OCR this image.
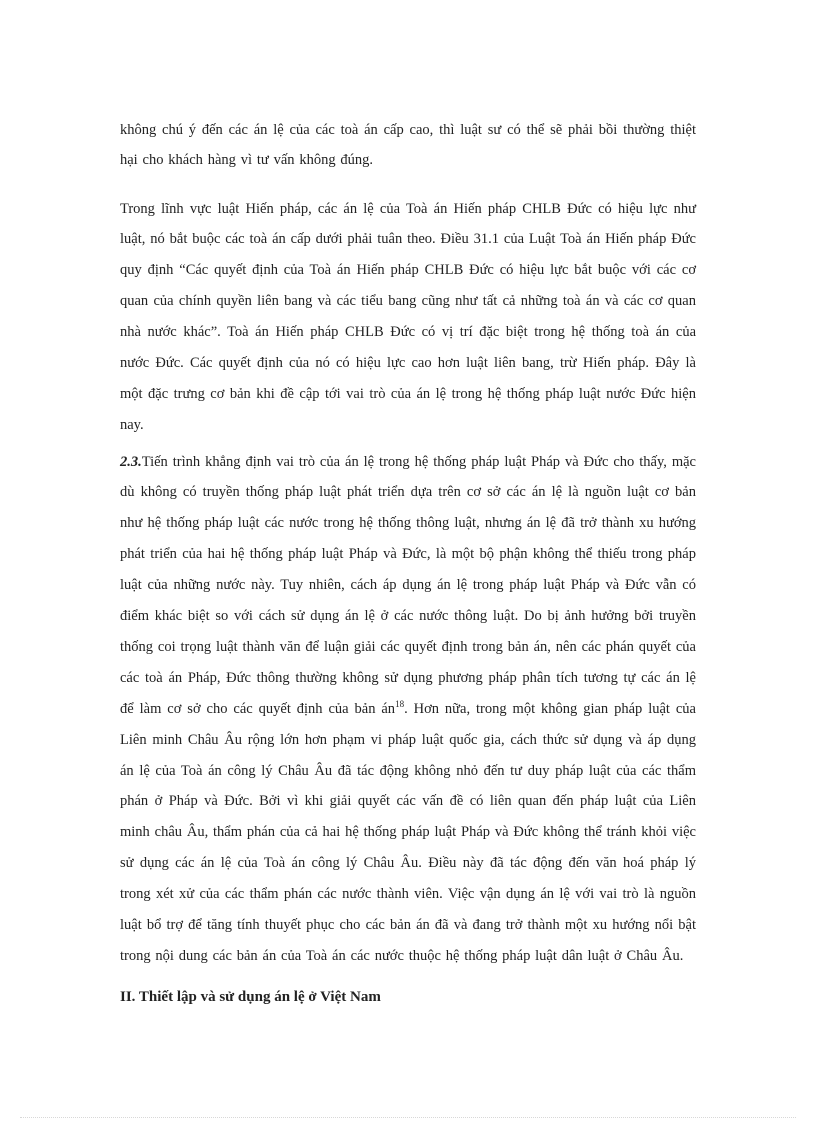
không chú ý đến các án lệ của các toà án cấp cao, thì luật sư có thể sẽ phải bồi thường thiệt hại cho khách hàng vì tư vấn không đúng.

Trong lĩnh vực luật Hiến pháp, các án lệ của Toà án Hiến pháp CHLB Đức có hiệu lực như luật, nó bắt buộc các toà án cấp dưới phải tuân theo. Điều 31.1 của Luật Toà án Hiến pháp Đức quy định “Các quyết định của Toà án Hiến pháp CHLB Đức có hiệu lực bắt buộc với các cơ quan của chính quyền liên bang và các tiểu bang cũng như tất cả những toà án và các cơ quan nhà nước khác”. Toà án Hiến pháp CHLB Đức có vị trí đặc biệt trong hệ thống toà án của nước Đức. Các quyết định của nó có hiệu lực cao hơn luật liên bang, trừ Hiến pháp. Đây là một đặc trưng cơ bản khi đề cập tới vai trò của án lệ trong hệ thống pháp luật nước Đức hiện nay.

2.3.Tiến trình khẳng định vai trò của án lệ trong hệ thống pháp luật Pháp và Đức cho thấy, mặc dù không có truyền thống pháp luật phát triển dựa trên cơ sở các án lệ là nguồn luật cơ bản như hệ thống pháp luật các nước trong hệ thống thông luật, nhưng án lệ đã trở thành xu hướng phát triển của hai hệ thống pháp luật Pháp và Đức, là một bộ phận không thể thiếu trong pháp luật của những nước này. Tuy nhiên, cách áp dụng án lệ trong pháp luật Pháp và Đức vẫn có điểm khác biệt so với cách sử dụng án lệ ở các nước thông luật. Do bị ảnh hưởng bởi truyền thống coi trọng luật thành văn để luận giải các quyết định trong bản án, nên các phán quyết của các toà án Pháp, Đức thông thường không sử dụng phương pháp phân tích tương tự các án lệ để làm cơ sở cho các quyết định của bản $án^{18}$. Hơn nữa, trong một không gian pháp luật của Liên minh Châu Âu rộng lớn hơn phạm vi pháp luật quốc gia, cách thức sử dụng và áp dụng án lệ của Toà án công lý Châu Âu đã tác động không nhỏ đến tư duy pháp luật của các thẩm phán ở Pháp và Đức. Bởi vì khi giải quyết các vấn đề có liên quan đến pháp luật của Liên minh châu Âu, thẩm phán của cả hai hệ thống pháp luật Pháp và Đức không thể tránh khỏi việc sử dụng các án lệ của Toà án công lý Châu Âu. Điều này đã tác động đến văn hoá pháp lý trong xét xử của các thẩm phán các nước thành viên. Việc vận dụng án lệ với vai trò là nguồn luật bổ trợ để tăng tính thuyết phục cho các bản án đã và đang trở thành một xu hướng nổi bật trong nội dung các bản án của Toà án các nước thuộc hệ thống pháp luật dân luật ở Châu Âu.

II. Thiết lập và sử dụng án lệ ở Việt Nam
